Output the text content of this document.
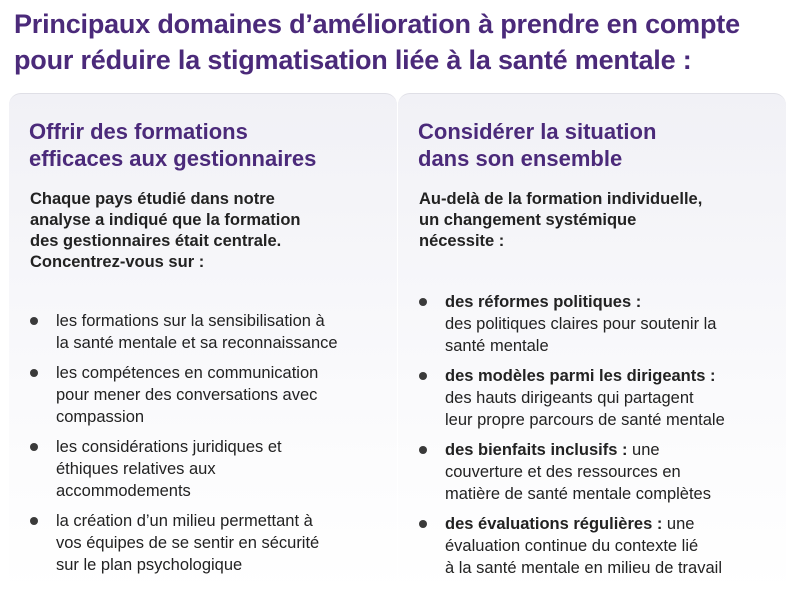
Principaux domaines d’amélioration à prendre en compte
pour réduire la stigmatisation liée à la santé mentale :
Offrir des formations
efficaces aux gestionnaires
Chaque pays étudié dans notre
analyse a indiqué que la formation
des gestionnaires était centrale.
Concentrez-vous sur :
les formations sur la sensibilisation à
la santé mentale et sa reconnaissance
les compétences en communication
pour mener des conversations avec
compassion
les considérations juridiques et
éthiques relatives aux
accommodements
la création d’un milieu permettant à
vos équipes de se sentir en sécurité
sur le plan psychologique
Considérer la situation
dans son ensemble
Au-delà de la formation individuelle,
un changement systémique
nécessite :
des réformes politiques :
des politiques claires pour soutenir la
santé mentale
des modèles parmi les dirigeants :
des hauts dirigeants qui partagent
leur propre parcours de santé mentale
des bienfaits inclusifs : une
couverture et des ressources en
matière de santé mentale complètes
des évaluations régulières : une
évaluation continue du contexte lié
à la santé mentale en milieu de travail
